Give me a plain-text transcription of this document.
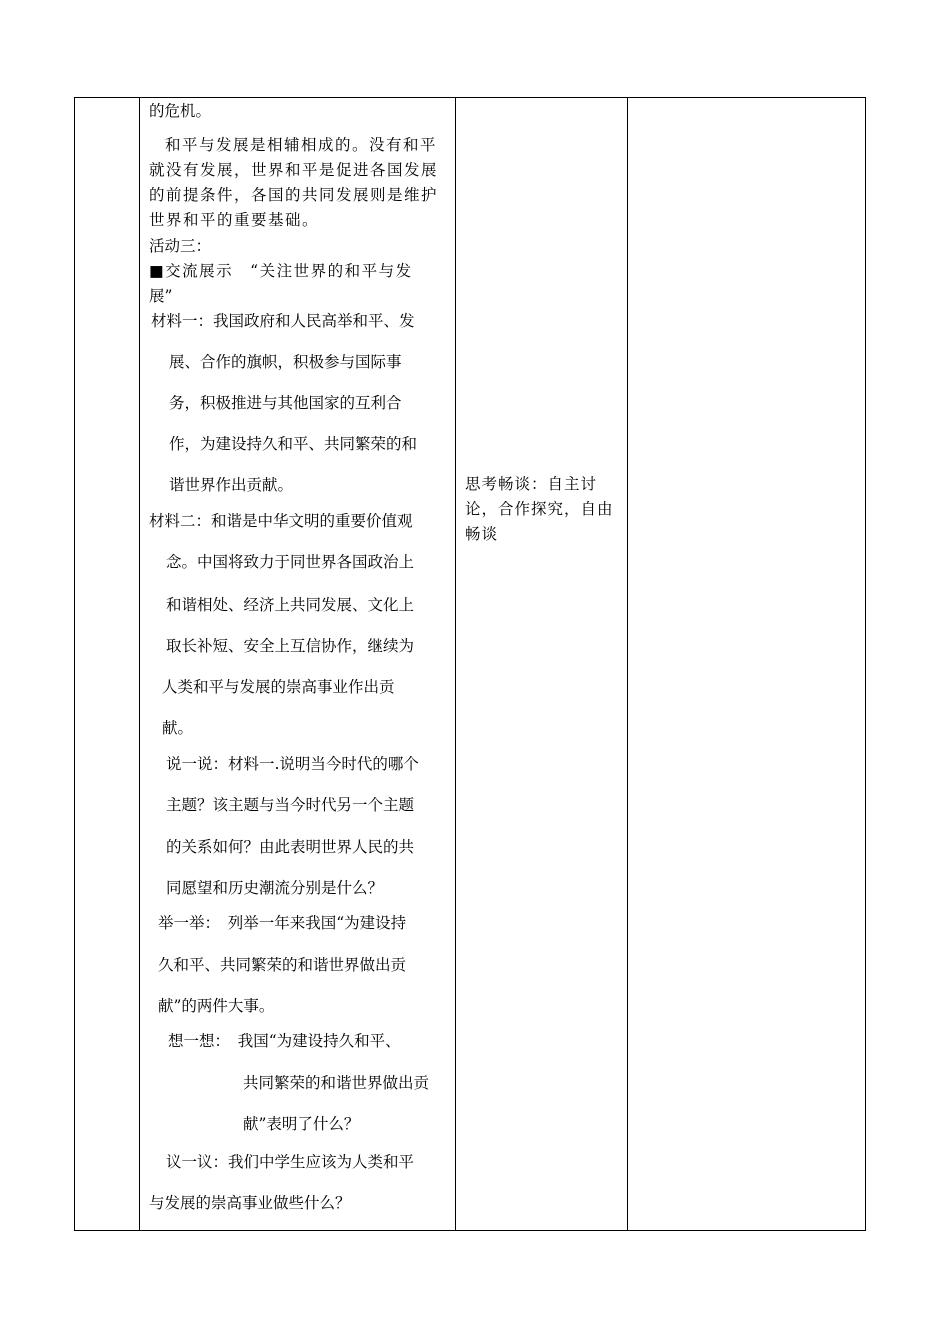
的危机。
和平与发展是相辅相成的。没有和平
就没有发展，世界和平是促进各国发展
的前提条件，各国的共同发展则是维护
世界和平的重要基础。
活动三：
■交流展示　“关注世界的和平与发
展”
材料一：我国政府和人民高举和平、发
展、合作的旗帜，积极参与国际事
务，积极推进与其他国家的互利合
作，为建设持久和平、共同繁荣的和
谐世界作出贡献。
材料二：和谐是中华文明的重要价值观
念。中国将致力于同世界各国政治上
和谐相处、经济上共同发展、文化上
取长补短、安全上互信协作，继续为
人类和平与发展的崇高事业作出贡
献。
说一说：材料一.说明当今时代的哪个
主题？该主题与当今时代另一个主题
的关系如何？由此表明世界人民的共
同愿望和历史潮流分别是什么？
举一举：　列举一年来我国“为建设持
久和平、共同繁荣的和谐世界做出贡
献”的两件大事。
想一想：　我国“为建设持久和平、
共同繁荣的和谐世界做出贡
献”表明了什么？
议一议：我们中学生应该为人类和平
与发展的崇高事业做些什么？
思考畅谈：自主讨
论，合作探究，自由
畅谈
